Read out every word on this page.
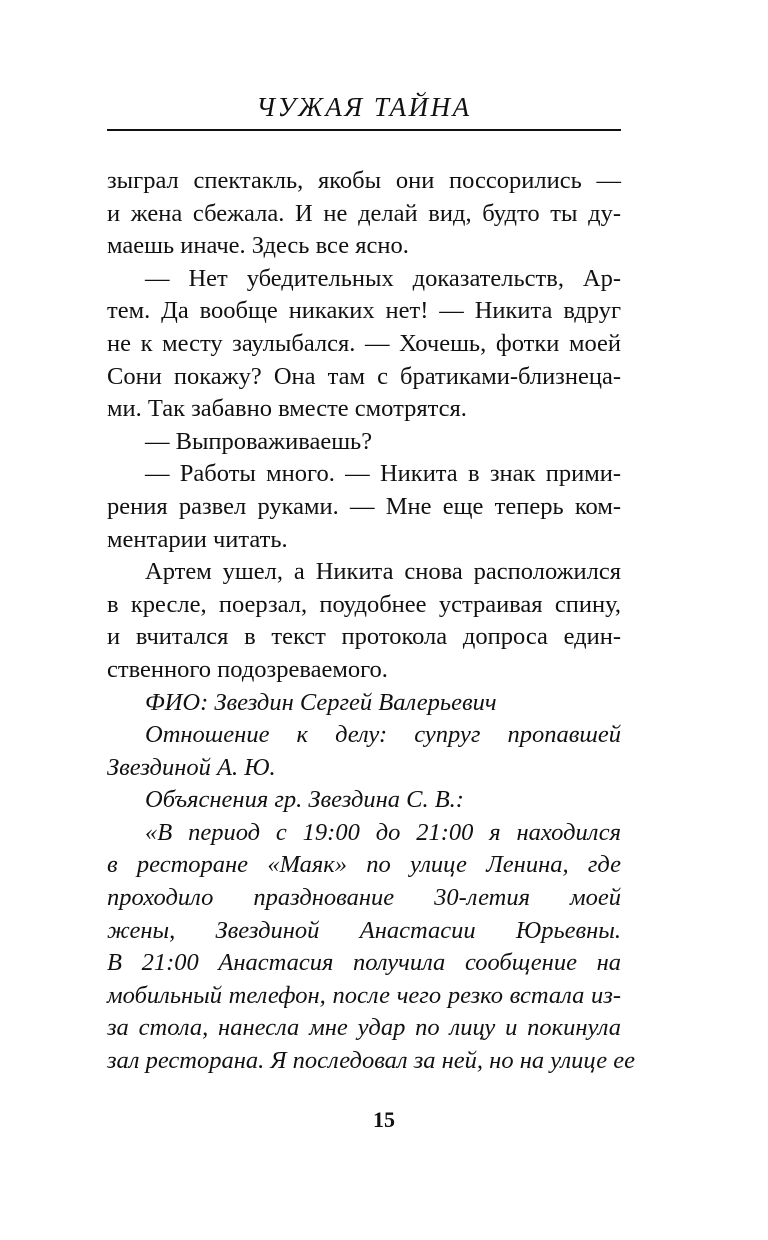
ЧУЖАЯ ТАЙНА
зыграл спектакль, якобы они поссорились —
и жена сбежала. И не делай вид, будто ты ду-
маешь иначе. Здесь все ясно.
— Нет убедительных доказательств, Ар-
тем. Да вообще никаких нет! — Никита вдруг
не к месту заулыбался. — Хочешь, фотки моей
Сони покажу? Она там с братиками-близнеца-
ми. Так забавно вместе смотрятся.
— Выпроваживаешь?
— Работы много. — Никита в знак прими-
рения развел руками. — Мне еще теперь ком-
ментарии читать.
Артем ушел, а Никита снова расположился
в кресле, поерзал, поудобнее устраивая спину,
и вчитался в текст протокола допроса един-
ственного подозреваемого.
ФИО: Звездин Сергей Валерьевич
Отношение к делу: супруг пропавшей
Звездиной А. Ю.
Объяснения гр. Звездина С. В.:
«В период с 19:00 до 21:00 я находился
в ресторане «Маяк» по улице Ленина, где
проходило празднование 30-летия моей
жены, Звездиной Анастасии Юрьевны.
В 21:00 Анастасия получила сообщение на
мобильный телефон, после чего резко встала из-
за стола, нанесла мне удар по лицу и покинула
зал ресторана. Я последовал за ней, но на улице ее
15
